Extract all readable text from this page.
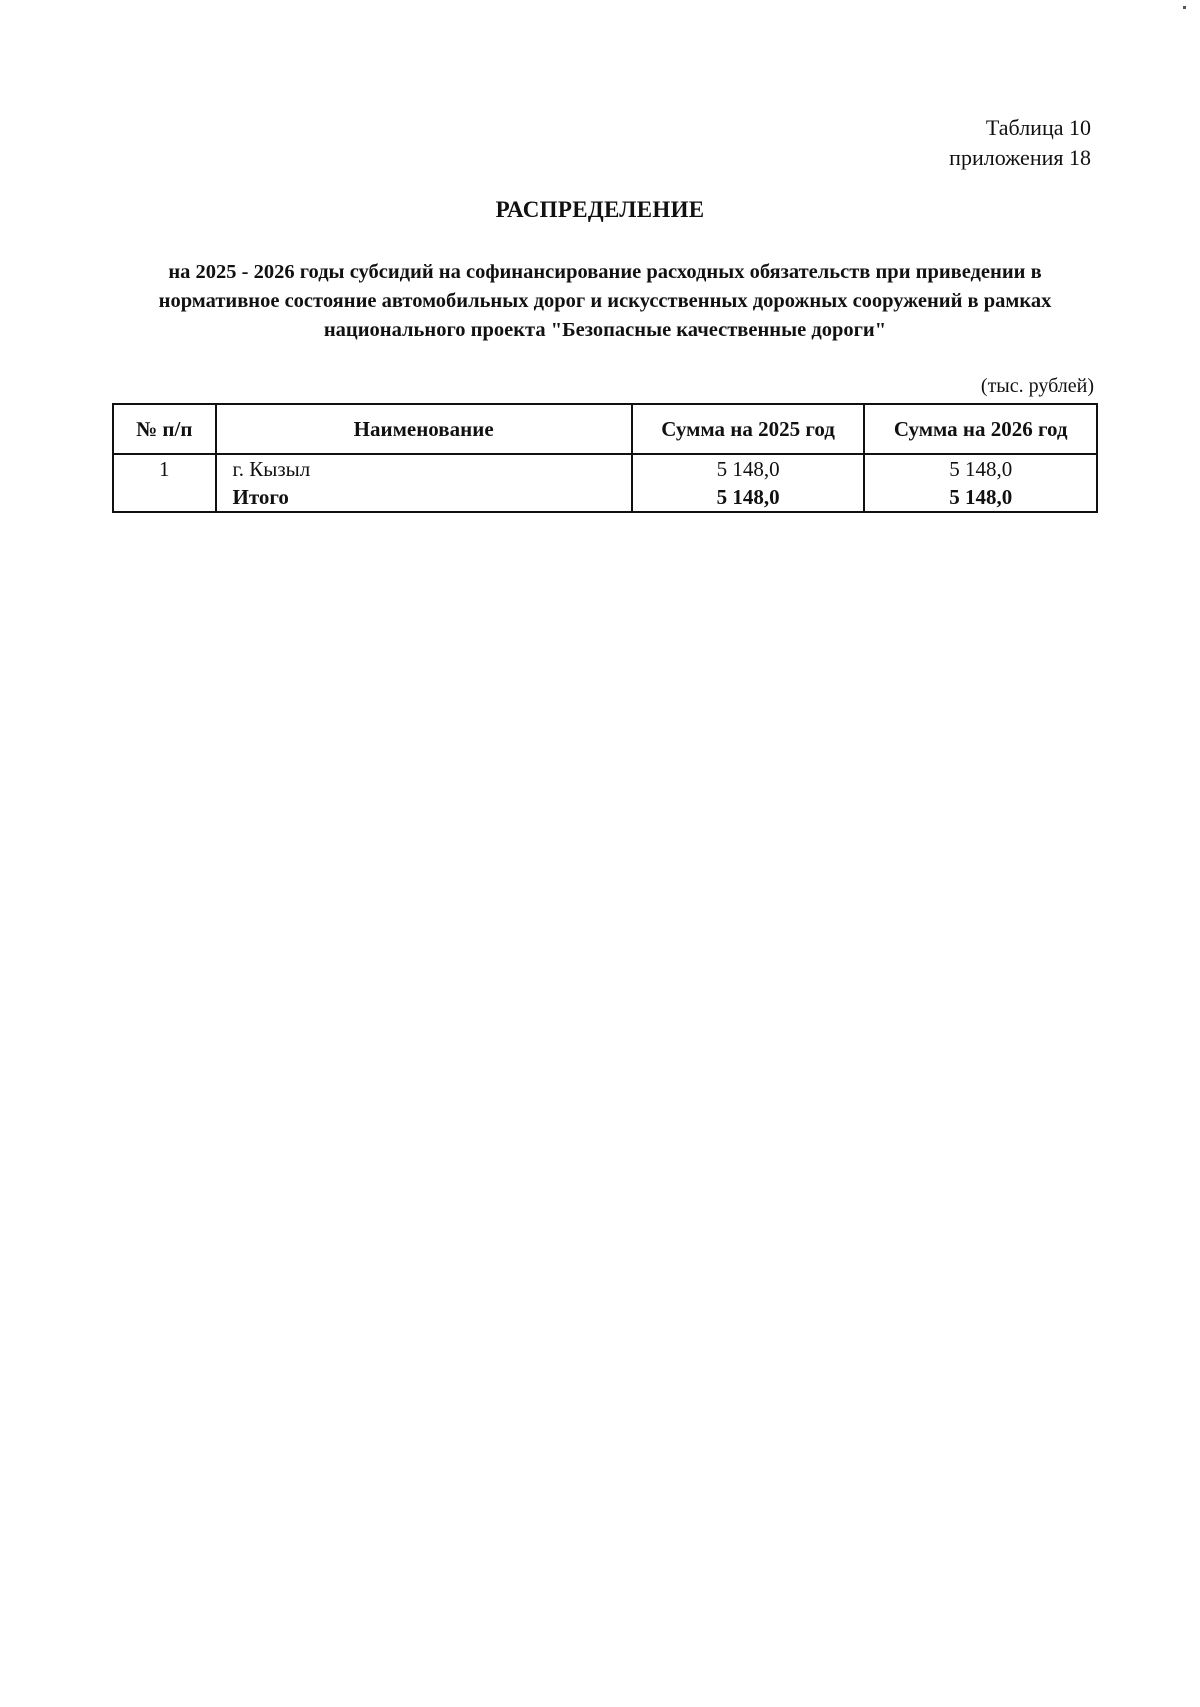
Таблица 10
приложения 18
РАСПРЕДЕЛЕНИЕ
на 2025 - 2026 годы субсидий на софинансирование расходных обязательств при приведении в нормативное состояние автомобильных дорог и искусственных дорожных сооружений в рамках национального проекта "Безопасные качественные дороги"
(тыс. рублей)
№ п/п	Наименование	Сумма на 2025 год	Сумма на 2026 год
1	г. Кызыл	5 148,0	5 148,0
	Итого	5 148,0	5 148,0
